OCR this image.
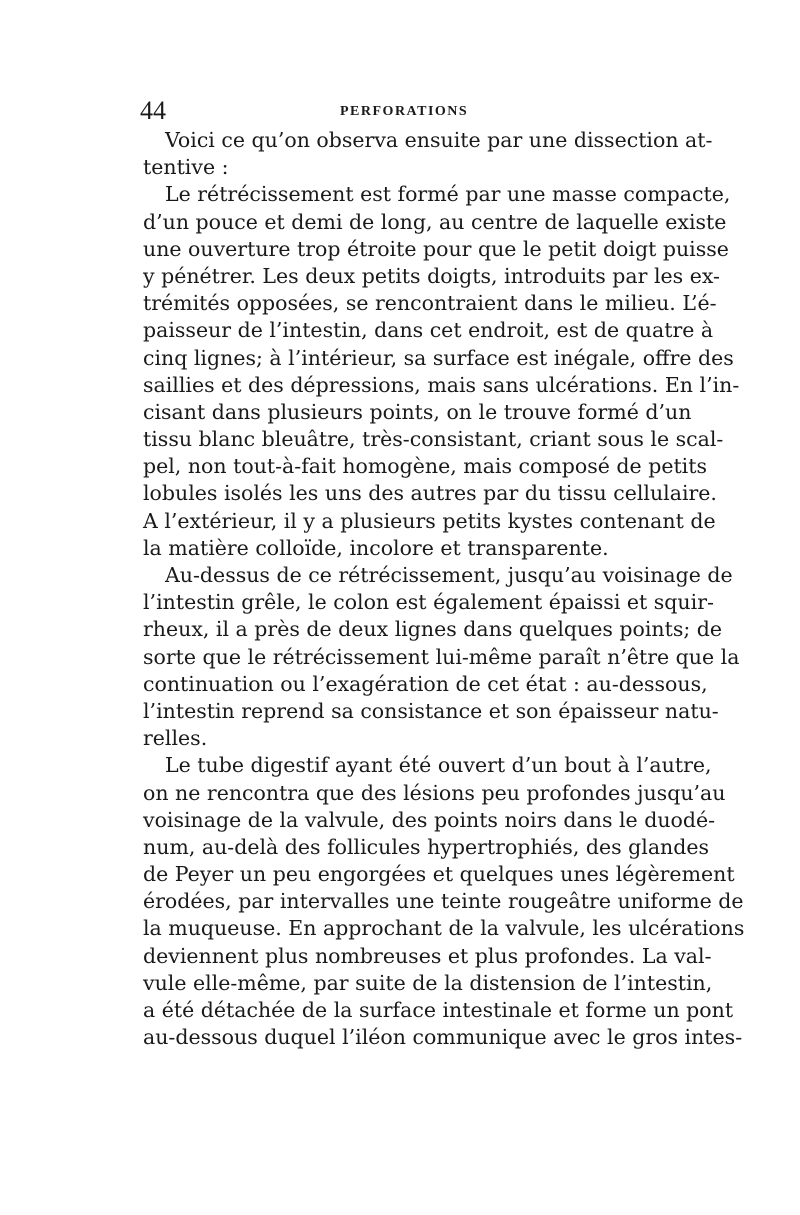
44	PERFORATIONS
Voici ce qu’on observa ensuite par une dissection at-
tentive :
Le rétrécissement est formé par une masse compacte,
d’un pouce et demi de long, au centre de laquelle existe
une ouverture trop étroite pour que le petit doigt puisse
y pénétrer. Les deux petits doigts, introduits par les ex-
trémités opposées, se rencontraient dans le milieu. L’é-
paisseur de l’intestin, dans cet endroit, est de quatre à
cinq lignes; à l’intérieur, sa surface est inégale, offre des
saillies et des dépressions, mais sans ulcérations. En l’in-
cisant dans plusieurs points, on le trouve formé d’un
tissu blanc bleuâtre, très-consistant, criant sous le scal-
pel, non tout-à-fait homogène, mais composé de petits
lobules isolés les uns des autres par du tissu cellulaire.
A l’extérieur, il y a plusieurs petits kystes contenant de
la matière colloïde, incolore et transparente.
Au-dessus de ce rétrécissement, jusqu’au voisinage de
l’intestin grêle, le colon est également épaissi et squir-
rheux, il a près de deux lignes dans quelques points; de
sorte que le rétrécissement lui-même paraît n’être que la
continuation ou l’exagération de cet état : au-dessous,
l’intestin reprend sa consistance et son épaisseur natu-
relles.
Le tube digestif ayant été ouvert d’un bout à l’autre,
on ne rencontra que des lésions peu profondes jusqu’au
voisinage de la valvule, des points noirs dans le duodé-
num, au-delà des follicules hypertrophiés, des glandes
de Peyer un peu engorgées et quelques unes légèrement
érodées, par intervalles une teinte rougeâtre uniforme de
la muqueuse. En approchant de la valvule, les ulcérations
deviennent plus nombreuses et plus profondes. La val-
vule elle-même, par suite de la distension de l’intestin,
a été détachée de la surface intestinale et forme un pont
au-dessous duquel l’iléon communique avec le gros intes-
